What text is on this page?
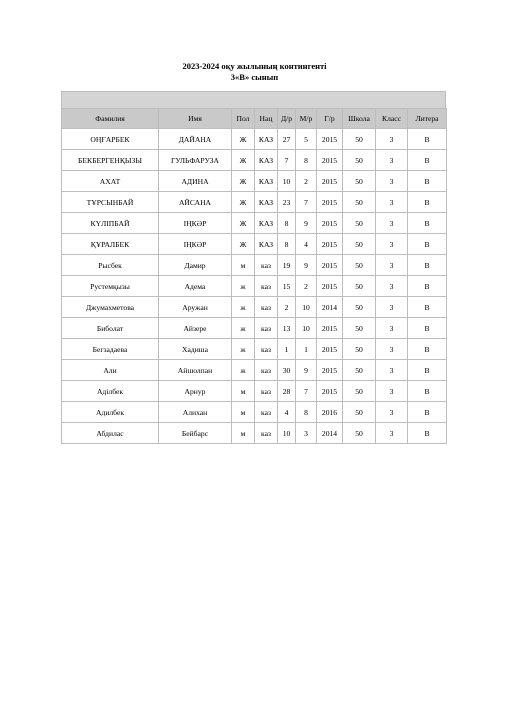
2023-2024 оқу жылының контингенті
3«В» сынып
Фамилия	Имя	Пол	Нац	Д/р	М/р	Г/р	Школа	Класс	Литера
ОҢҒАРБЕК	ДАЙАНА	Ж	КАЗ	27	5	2015	50	3	В
БЕКБЕРГЕНҚЫЗЫ	ГУЛЬФАРУЗА	Ж	КАЗ	7	8	2015	50	3	В
АХАТ	АДИНА	Ж	КАЗ	10	2	2015	50	3	В
ТҰРСЫНБАЙ	АЙСАНА	Ж	КАЗ	23	7	2015	50	3	В
КҮЛІПБАЙ	ІҢКӘР	Ж	КАЗ	8	9	2015	50	3	В
ҚҰРАЛБЕК	ІҢКӘР	Ж	КАЗ	8	4	2015	50	3	В
Рысбек	Дамир	м	каз	19	9	2015	50	3	В
Рустемқызы	Адема	ж	каз	15	2	2015	50	3	В
Джумахметова	Аружан	ж	каз	2	10	2014	50	3	В
Биболат	Айзере	ж	каз	13	10	2015	50	3	В
Бегзадаева	Хадиша	ж	каз	1	1	2015	50	3	В
Али	Айшолпан	ж	каз	30	9	2015	50	3	В
Аділбек	Арнур	м	каз	28	7	2015	50	3	В
Адилбек	Алихан	м	каз	4	8	2016	50	3	В
Абдилас	Бейбарс	м	каз	10	3	2014	50	3	В
